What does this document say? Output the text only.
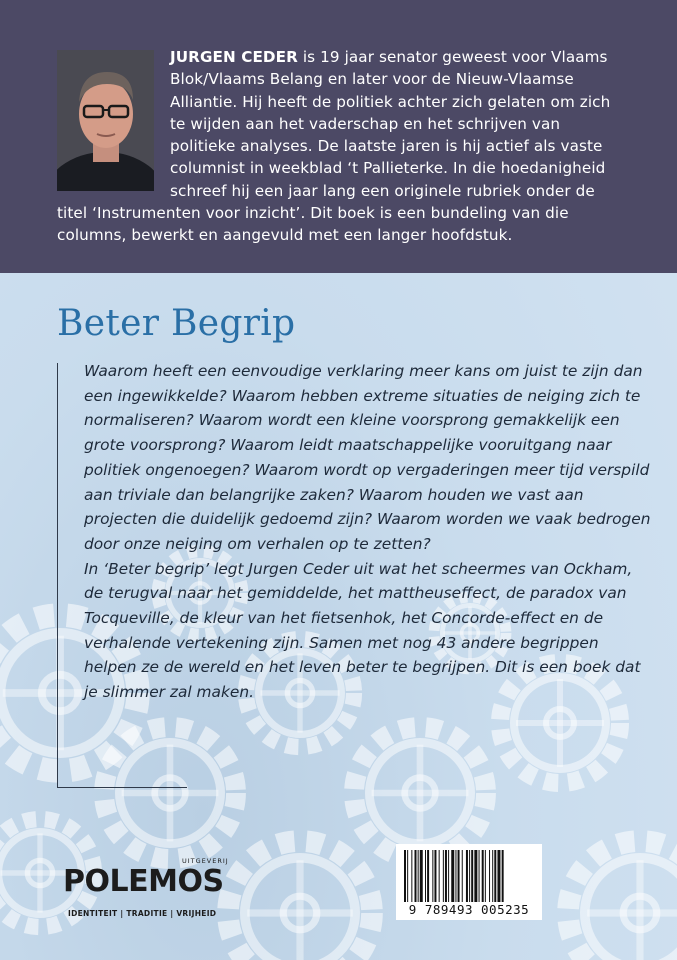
JURGEN CEDER is 19 jaar senator geweest voor Vlaams Blok/Vlaams Belang en later voor de Nieuw-Vlaamse Alliantie. Hij heeft de politiek achter zich gelaten om zich te wijden aan het vaderschap en het schrijven van politieke analyses. De laatste jaren is hij actief als vaste columnist in weekblad ‘t Pallieterke. In die hoedanigheid schreef hij een jaar lang een originele rubriek onder de titel ‘Instrumenten voor inzicht’. Dit boek is een bundeling van die columns, bewerkt en aangevuld met een langer hoofdstuk.

Beter Begrip

Waarom heeft een eenvoudige verklaring meer kans om juist te zijn dan een ingewikkelde? Waarom hebben extreme situaties de neiging zich te normaliseren? Waarom wordt een kleine voorsprong gemakkelijk een grote voorsprong? Waarom leidt maatschappelijke vooruitgang naar politiek ongenoegen? Waarom wordt op vergaderingen meer tijd verspild aan triviale dan belangrijke zaken? Waarom houden we vast aan projecten die duidelijk gedoemd zijn? Waarom worden we vaak bedrogen door onze neiging om verhalen op te zetten?

In ‘Beter begrip’ legt Jurgen Ceder uit wat het scheermes van Ockham, de terugval naar het gemiddelde, het mattheuseffect, de paradox van Tocqueville, de kleur van het fietsenhok, het Concorde-effect en de verhalende vertekening zijn. Samen met nog 43 andere begrippen helpen ze de wereld en het leven beter te begrijpen. Dit is een boek dat je slimmer zal maken.

UITGEVERIJ
POLEMOS
IDENTITEIT | TRADITIE | VRIJHEID	9 789493 005235
